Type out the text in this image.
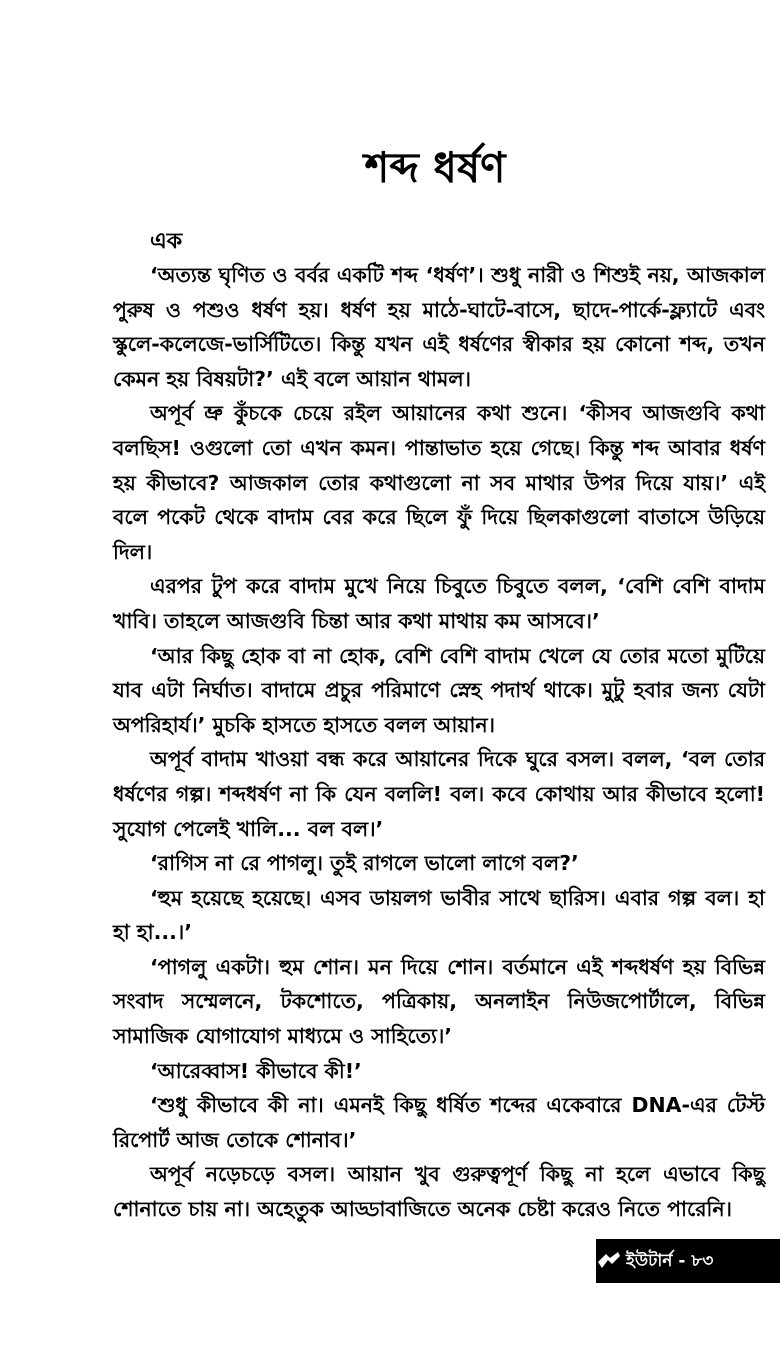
শব্দ ধর্ষণ
এক

‘অত্যন্ত ঘৃণিত ও বর্বর একটি শব্দ ‘ধর্ষণ’। শুধু নারী ও শিশুই নয়, আজকাল পুরুষ ও পশুও ধর্ষণ হয়। ধর্ষণ হয় মাঠে-ঘাটে-বাসে, ছাদে-পার্কে-ফ্ল্যাটে এবং স্কুলে-কলেজে-ভার্সিটিতে। কিন্তু যখন এই ধর্ষণের স্বীকার হয় কোনো শব্দ, তখন কেমন হয় বিষয়টা?’ এই বলে আয়ান থামল।

অপূর্ব ভ্রু কুঁচকে চেয়ে রইল আয়ানের কথা শুনে। ‘কীসব আজগুবি কথা বলছিস! ওগুলো তো এখন কমন। পান্তাভাত হয়ে গেছে। কিন্তু শব্দ আবার ধর্ষণ হয় কীভাবে? আজকাল তোর কথাগুলো না সব মাথার উপর দিয়ে যায়।’ এই বলে পকেট থেকে বাদাম বের করে ছিলে ফুঁ দিয়ে ছিলকাগুলো বাতাসে উড়িয়ে দিল।

এরপর টুপ করে বাদাম মুখে নিয়ে চিবুতে চিবুতে বলল, ‘বেশি বেশি বাদাম খাবি। তাহলে আজগুবি চিন্তা আর কথা মাথায় কম আসবে।’

‘আর কিছু হোক বা না হোক, বেশি বেশি বাদাম খেলে যে তোর মতো মুটিয়ে যাব এটা নির্ঘাত। বাদামে প্রচুর পরিমাণে স্নেহ পদার্থ থাকে। মুটু হবার জন্য যেটা অপরিহার্য।’ মুচকি হাসতে হাসতে বলল আয়ান।

অপূর্ব বাদাম খাওয়া বন্ধ করে আয়ানের দিকে ঘুরে বসল। বলল, ‘বল তোর ধর্ষণের গল্প। শব্দধর্ষণ না কি যেন বললি! বল। কবে কোথায় আর কীভাবে হলো! সুযোগ পেলেই খালি... বল বল।’

‘রাগিস না রে পাগলু। তুই রাগলে ভালো লাগে বল?’

‘হুম হয়েছে হয়েছে। এসব ডায়লগ ভাবীর সাথে ছারিস। এবার গল্প বল। হা হা হা...।’

‘পাগলু একটা। হুম শোন। মন দিয়ে শোন। বর্তমানে এই শব্দধর্ষণ হয় বিভিন্ন সংবাদ সম্মেলনে, টকশোতে, পত্রিকায়, অনলাইন নিউজপোর্টালে, বিভিন্ন সামাজিক যোগাযোগ মাধ্যমে ও সাহিত্যে।’

‘আরেব্বাস! কীভাবে কী!’

‘শুধু কীভাবে কী না। এমনই কিছু ধর্ষিত শব্দের একেবারে DNA-এর টেস্ট রিপোর্ট আজ তোকে শোনাব।’

অপূর্ব নড়েচড়ে বসল। আয়ান খুব গুরুত্বপূর্ণ কিছু না হলে এভাবে কিছু শোনাতে চায় না। অহেতুক আড্ডাবাজিতে অনেক চেষ্টা করেও নিতে পারেনি।

ইউটার্ন - ৮৩
